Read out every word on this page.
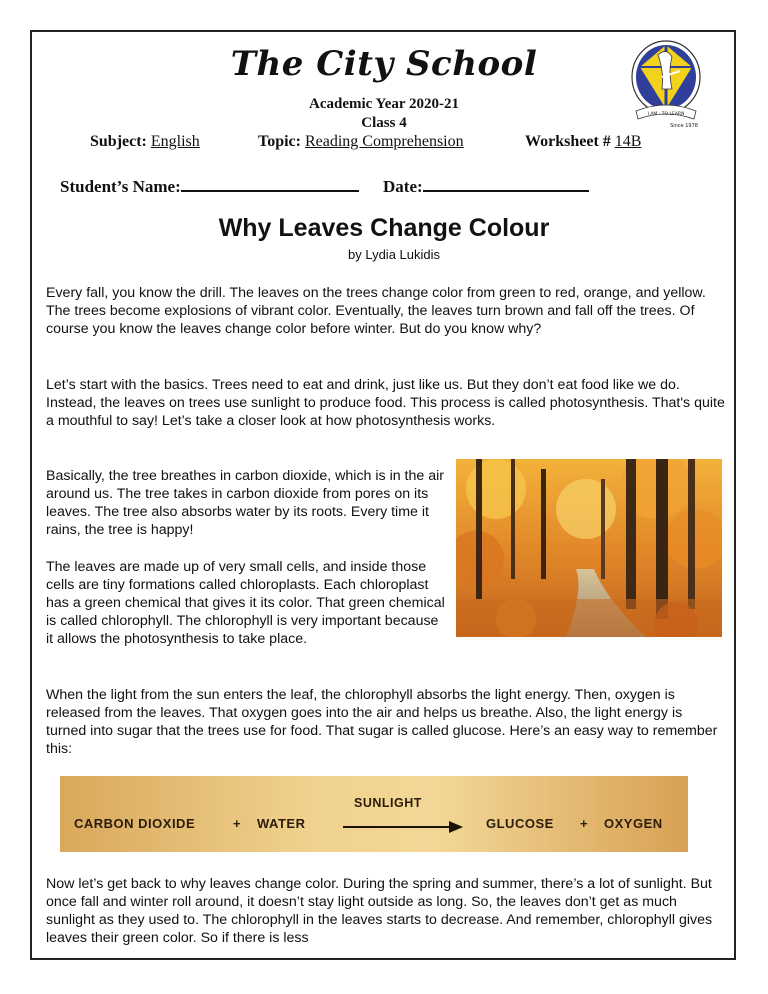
The City School
Academic Year 2020-21
Class 4
Subject: English	Topic: Reading Comprehension	Worksheet # 14B
Student’s Name:	Date:
I AM - TO LEARN
Since 1978
Why Leaves Change Colour
by Lydia Lukidis

Every fall, you know the drill. The leaves on the trees change color from green to red, orange, and yellow. The trees become explosions of vibrant color. Eventually, the leaves turn brown and fall off the trees. Of course you know the leaves change color before winter. But do you know why?

Let’s start with the basics. Trees need to eat and drink, just like us. But they don’t eat food like we do. Instead, the leaves on trees use sunlight to produce food. This process is called photosynthesis. That's quite a mouthful to say! Let’s take a closer look at how photosynthesis works.

Basically, the tree breathes in carbon dioxide, which is in the air around us. The tree takes in carbon dioxide from pores on its leaves. The tree also absorbs water by its roots. Every time it rains, the tree is happy!

The leaves are made up of very small cells, and inside those cells are tiny formations called chloroplasts. Each chloroplast has a green chemical that gives it its color. That green chemical is called chlorophyll. The chlorophyll is very important because it allows the photosynthesis to take place.

When the light from the sun enters the leaf, the chlorophyll absorbs the light energy. Then, oxygen is released from the leaves. That oxygen goes into the air and helps us breathe. Also, the light energy is turned into sugar that the trees use for food. That sugar is called glucose. Here’s an easy way to remember this:

CARBON DIOXIDE	+ WATER
SUNLIGHT
GLUCOSE + OXYGEN

Now let’s get back to why leaves change color. During the spring and summer, there’s a lot of sunlight. But once fall and winter roll around, it doesn’t stay light outside as long. So, the leaves don’t get as much sunlight as they used to. The chlorophyll in the leaves starts to decrease. And remember, chlorophyll gives leaves their green color. So if there is less
